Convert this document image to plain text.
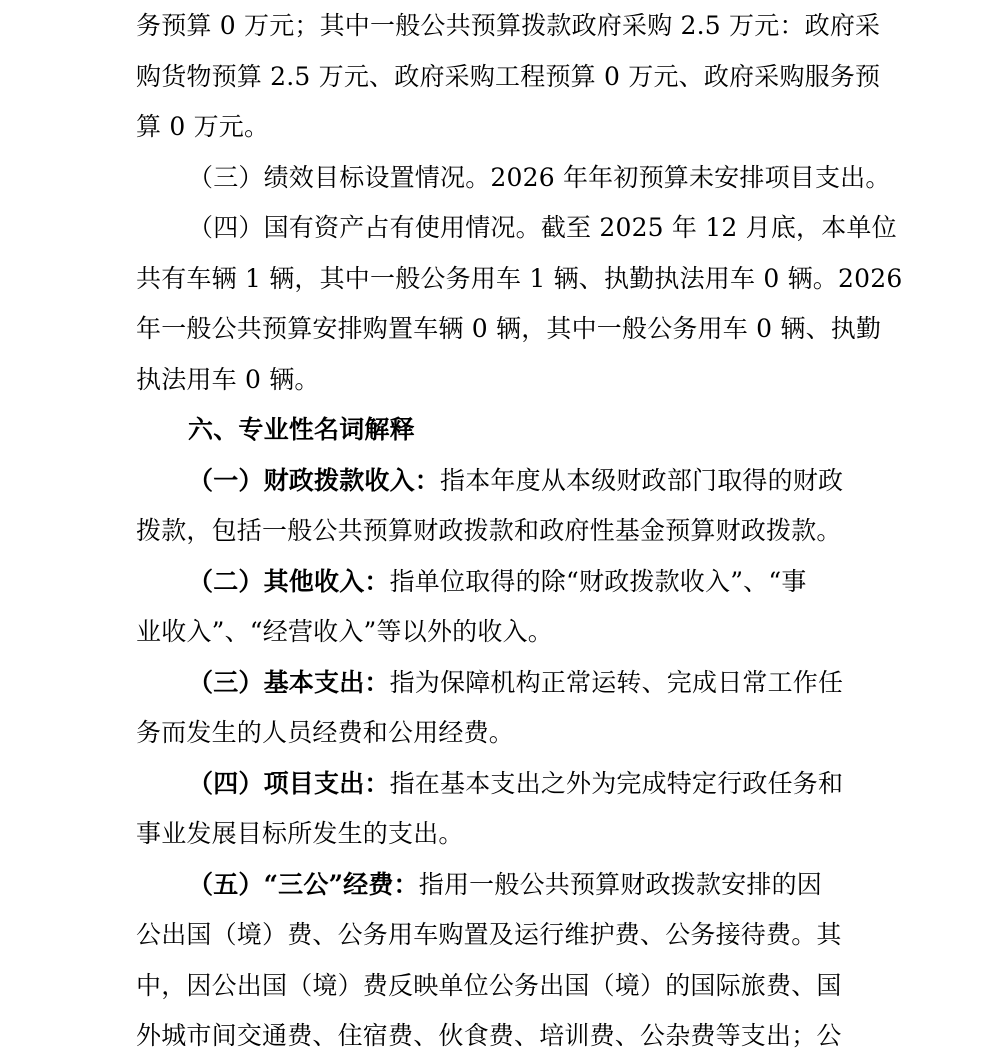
务预算 0 万元；其中一般公共预算拨款政府采购 2.5 万元：政府采
购货物预算 2.5 万元、政府采购工程预算 0 万元、政府采购服务预
算 0 万元。
（三）绩效目标设置情况。2026 年年初预算未安排项目支出。
（四）国有资产占有使用情况。截至 2025 年 12 月底，本单位
共有车辆 1 辆，其中一般公务用车 1 辆、执勤执法用车 0 辆。2026
年一般公共预算安排购置车辆 0 辆，其中一般公务用车 0 辆、执勤
执法用车 0 辆。
六、专业性名词解释
（一）财政拨款收入：指本年度从本级财政部门取得的财政
拨款，包括一般公共预算财政拨款和政府性基金预算财政拨款。
（二）其他收入：指单位取得的除“财政拨款收入”、“事
业收入”、“经营收入”等以外的收入。
（三）基本支出：指为保障机构正常运转、完成日常工作任
务而发生的人员经费和公用经费。
（四）项目支出：指在基本支出之外为完成特定行政任务和
事业发展目标所发生的支出。
（五）“三公”经费：指用一般公共预算财政拨款安排的因
公出国（境）费、公务用车购置及运行维护费、公务接待费。其
中，因公出国（境）费反映单位公务出国（境）的国际旅费、国
外城市间交通费、住宿费、伙食费、培训费、公杂费等支出；公
